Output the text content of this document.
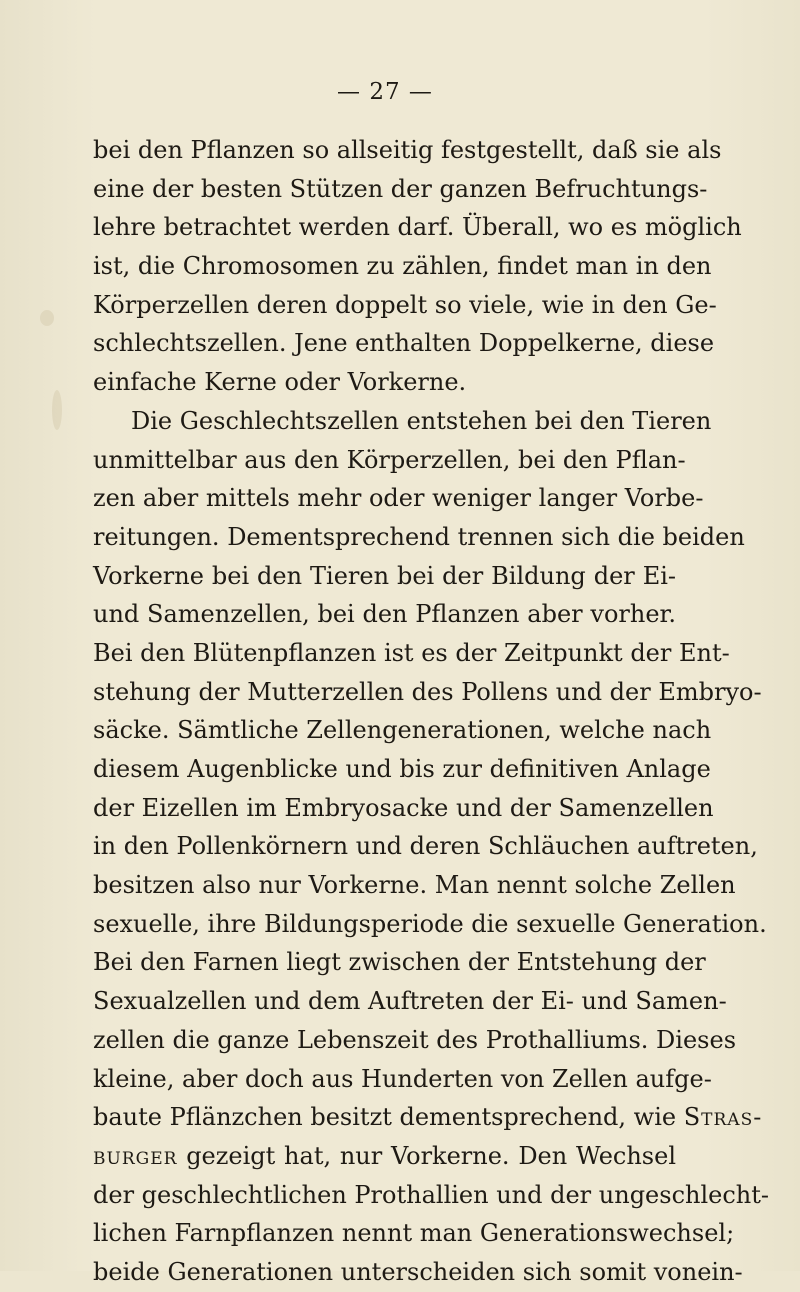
— 27 —
bei den Pflanzen so allseitig festgestellt, daß sie als
eine der besten Stützen der ganzen Befruchtungs-
lehre betrachtet werden darf. Überall, wo es möglich
ist, die Chromosomen zu zählen, findet man in den
Körperzellen deren doppelt so viele, wie in den Ge-
schlechtszellen. Jene enthalten Doppelkerne, diese
einfache Kerne oder Vorkerne.
Die Geschlechtszellen entstehen bei den Tieren
unmittelbar aus den Körperzellen, bei den Pflan-
zen aber mittels mehr oder weniger langer Vorbe-
reitungen. Dementsprechend trennen sich die beiden
Vorkerne bei den Tieren bei der Bildung der Ei-
und Samenzellen, bei den Pflanzen aber vorher.
Bei den Blütenpflanzen ist es der Zeitpunkt der Ent-
stehung der Mutterzellen des Pollens und der Embryo-
säcke. Sämtliche Zellengenerationen, welche nach
diesem Augenblicke und bis zur definitiven Anlage
der Eizellen im Embryosacke und der Samenzellen
in den Pollenkörnern und deren Schläuchen auftreten,
besitzen also nur Vorkerne. Man nennt solche Zellen
sexuelle, ihre Bildungsperiode die sexuelle Generation.
Bei den Farnen liegt zwischen der Entstehung der
Sexualzellen und dem Auftreten der Ei- und Samen-
zellen die ganze Lebenszeit des Prothalliums. Dieses
kleine, aber doch aus Hunderten von Zellen aufge-
baute Pflänzchen besitzt dementsprechend, wie Stras-
burger gezeigt hat, nur Vorkerne. Den Wechsel
der geschlechtlichen Prothallien und der ungeschlecht-
lichen Farnpflanzen nennt man Generationswechsel;
beide Generationen unterscheiden sich somit vonein-
